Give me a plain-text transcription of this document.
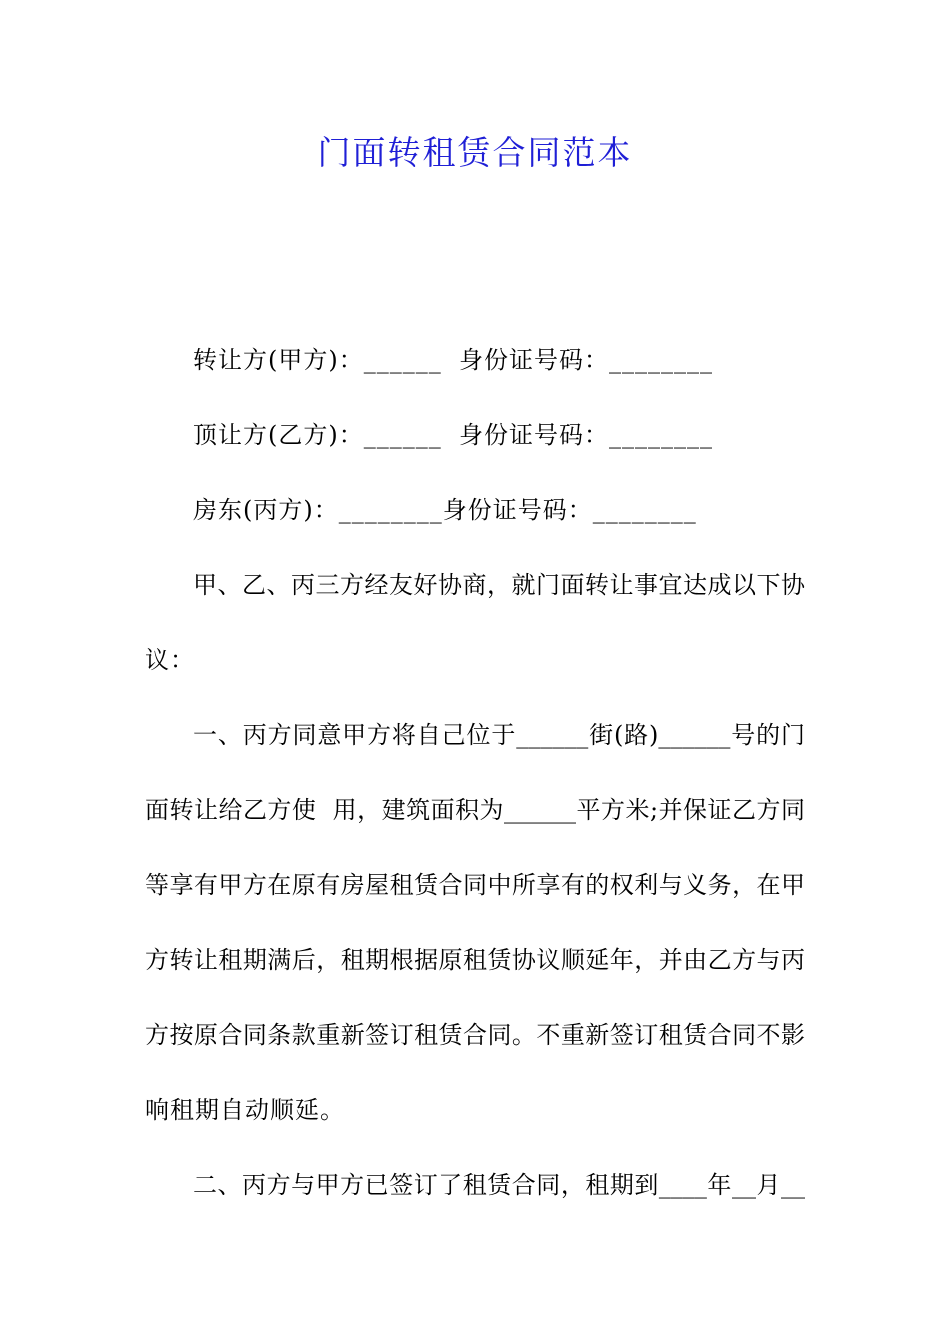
门面转租赁合同范本
转让方(甲方)：______  身份证号码：________
顶让方(乙方)：______  身份证号码：________
房东(丙方)：________身份证号码：________
甲、乙、丙三方经友好协商，就门面转让事宜达成以下协
议：
一、丙方同意甲方将自己位于______街(路)______号的门
面转让给乙方使  用，建筑面积为______平方米;并保证乙方同
等享有甲方在原有房屋租赁合同中所享有的权利与义务，在甲
方转让租期满后，租期根据原租赁协议顺延年，并由乙方与丙
方按原合同条款重新签订租赁合同。不重新签订租赁合同不影
响租期自动顺延。
二、丙方与甲方已签订了租赁合同，租期到____年__月__
